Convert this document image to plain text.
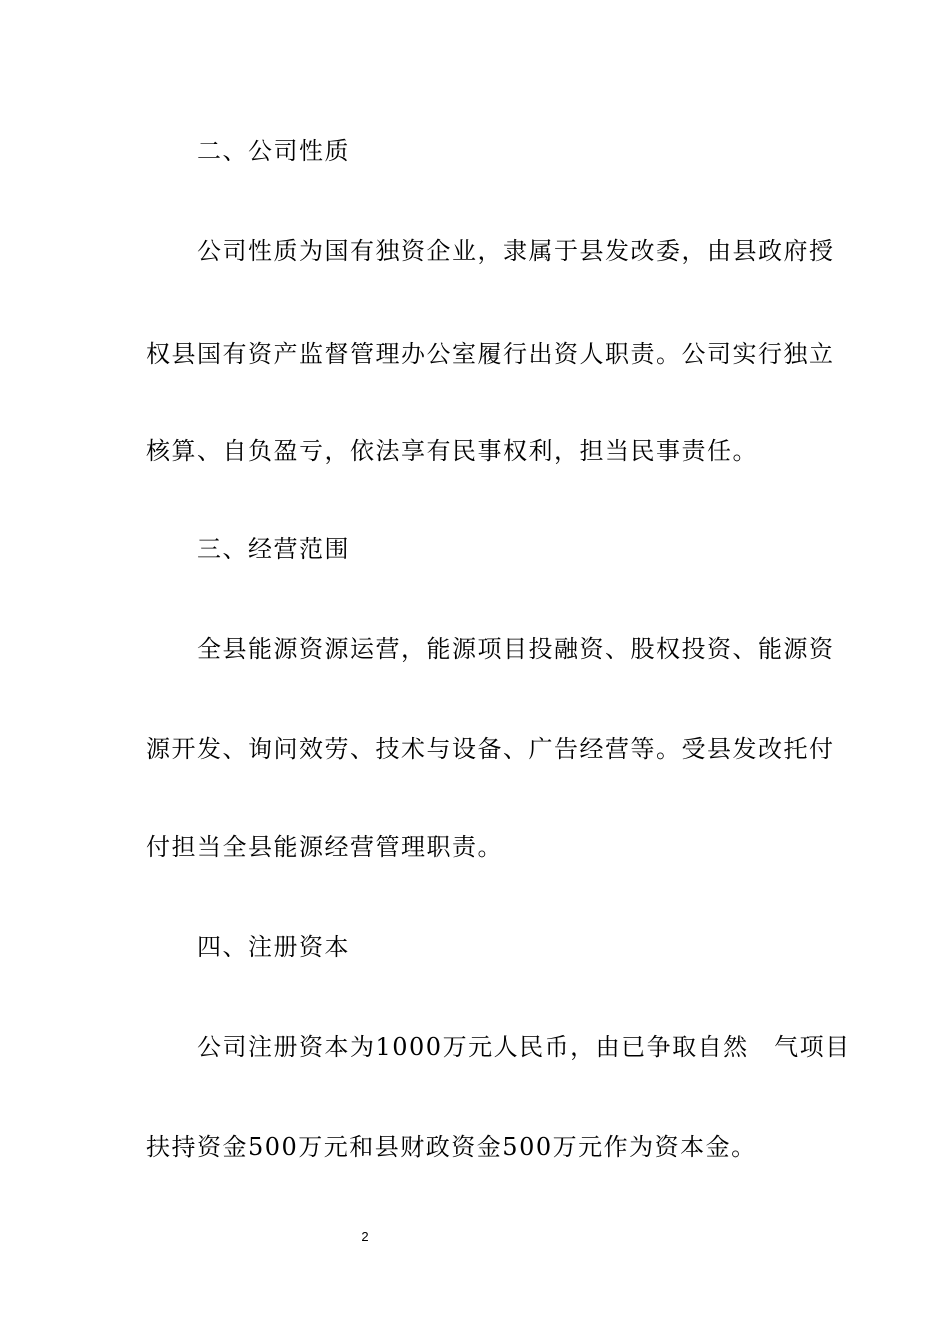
　　二、公司性质
　　公司性质为国有独资企业，隶属于县发改委，由县政府授
权县国有资产监督管理办公室履行出资人职责。公司实行独立
核算、自负盈亏，依法享有民事权利，担当民事责任。
　　三、经营范围
　　全县能源资源运营，能源项目投融资、股权投资、能源资
源开发、询问效劳、技术与设备、广告经营等。受县发改托付
付担当全县能源经营管理职责。
　　四、注册资本
　　公司注册资本为1000万元人民币，由已争取自然　气项目
扶持资金500万元和县财政资金500万元作为资本金。
2
